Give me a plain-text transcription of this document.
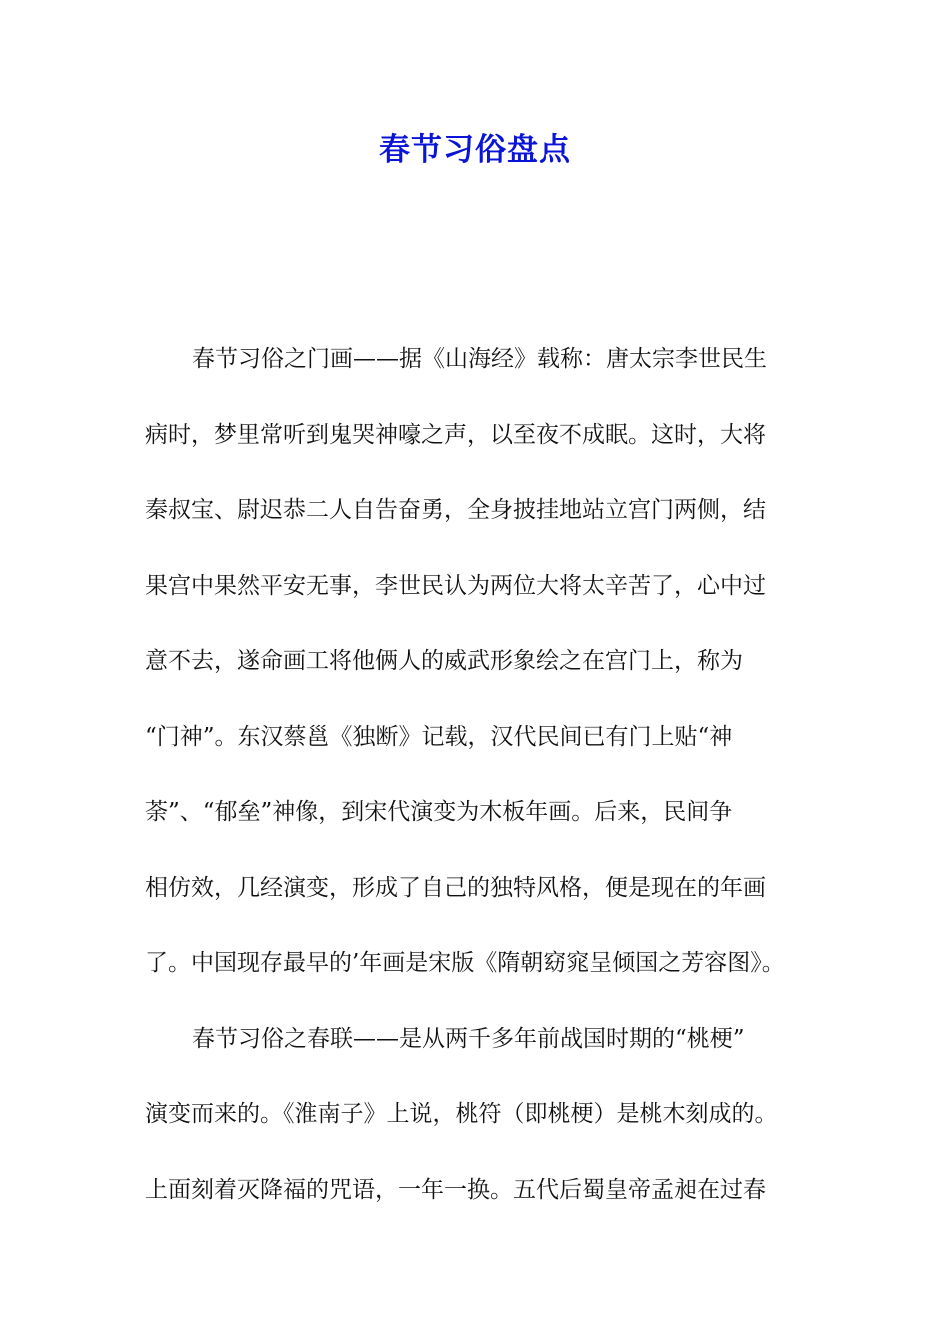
春节习俗盘点
春节习俗之门画——据《山海经》载称：唐太宗李世民生
病时，梦里常听到鬼哭神嚎之声，以至夜不成眠。这时，大将
秦叔宝、尉迟恭二人自告奋勇，全身披挂地站立宫门两侧，结
果宫中果然平安无事，李世民认为两位大将太辛苦了，心中过
意不去，遂命画工将他俩人的威武形象绘之在宫门上，称为
“门神”。东汉蔡邕《独断》记载，汉代民间已有门上贴“神
荼”、“郁垒”神像，到宋代演变为木板年画。后来，民间争
相仿效，几经演变，形成了自己的独特风格，便是现在的年画
了。中国现存最早的’年画是宋版《隋朝窈窕呈倾国之芳容图》。
春节习俗之春联——是从两千多年前战国时期的“桃梗”
演变而来的。《淮南子》上说，桃符（即桃梗）是桃木刻成的。
上面刻着灭降福的咒语，一年一换。五代后蜀皇帝孟昶在过春
